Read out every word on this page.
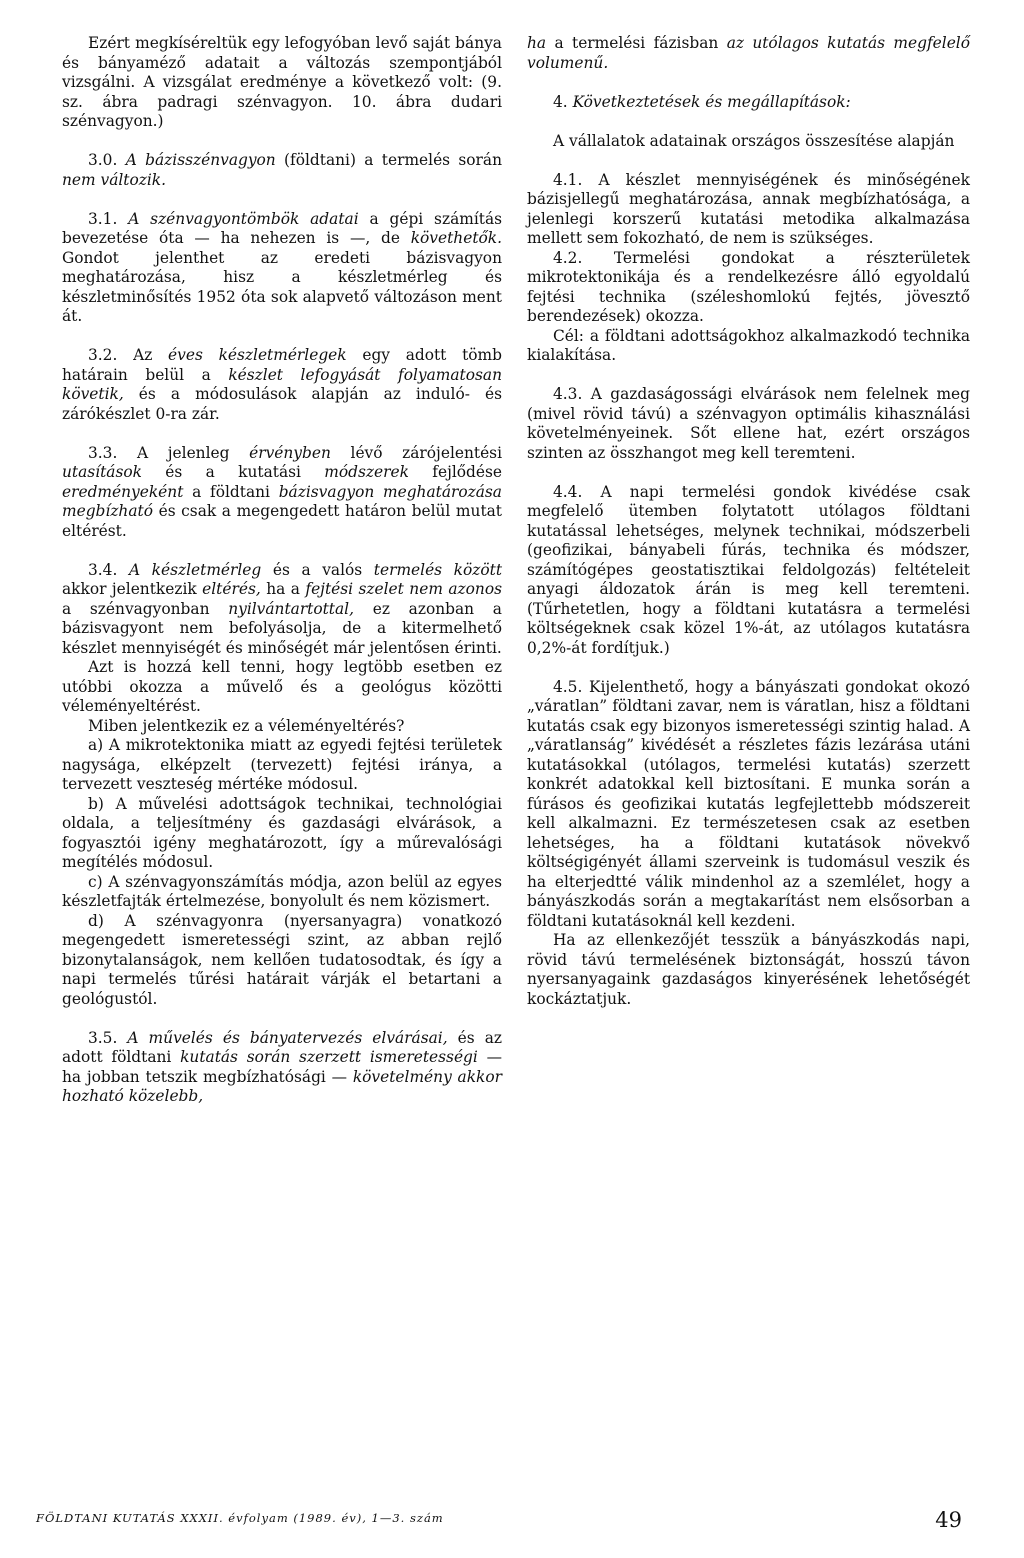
Ezért megkíséreltük egy lefogyóban levő saját bánya és bányaméző adatait a változás szempontjából vizsgálni. A vizsgálat eredménye a következő volt: (9. sz. ábra padragi szénvagyon. 10. ábra dudari szénvagyon.)

3.0. A bázisszénvagyon (földtani) a termelés során nem változik.

3.1. A szénvagyontömbök adatai a gépi számítás bevezetése óta — ha nehezen is —, de követhetők. Gondot jelenthet az eredeti bázisvagyon meghatározása, hisz a készletmérleg és készletminősítés 1952 óta sok alapvető változáson ment át.

3.2. Az éves készletmérlegek egy adott tömb határain belül a készlet lefogyását folyamatosan követik, és a módosulások alapján az induló- és zárókészlet 0-ra zár.

3.3. A jelenleg érvényben lévő zárójelentési utasítások és a kutatási módszerek fejlődése eredményeként a földtani bázisvagyon meghatározása megbízható és csak a megengedett határon belül mutat eltérést.

3.4. A készletmérleg és a valós termelés között akkor jelentkezik eltérés, ha a fejtési szelet nem azonos a szénvagyonban nyilvántartottal, ez azonban a bázisvagyont nem befolyásolja, de a kitermelhető készlet mennyiségét és minőségét már jelentősen érinti.

Azt is hozzá kell tenni, hogy legtöbb esetben ez utóbbi okozza a művelő és a geológus közötti véleményeltérést.

Miben jelentkezik ez a véleményeltérés?

a) A mikrotektonika miatt az egyedi fejtési területek nagysága, elképzelt (tervezett) fejtési iránya, a tervezett veszteség mértéke módosul.

b) A művelési adottságok technikai, technológiai oldala, a teljesítmény és gazdasági elvárások, a fogyasztói igény meghatározott, így a műrevalósági megítélés módosul.

c) A szénvagyonszámítás módja, azon belül az egyes készletfajták értelmezése, bonyolult és nem közismert.

d) A szénvagyonra (nyersanyagra) vonatkozó megengedett ismeretességi szint, az abban rejlő bizonytalanságok, nem kellően tudatosodtak, és így a napi termelés tűrési határait várják el betartani a geológustól.

3.5. A művelés és bányatervezés elvárásai, és az adott földtani kutatás során szerzett ismeretességi — ha jobban tetszik megbízhatósági — követelmény akkor hozható közelebb,

ha a termelési fázisban az utólagos kutatás megfelelő volumenű.

4. Következtetések és megállapítások:

A vállalatok adatainak országos összesítése alapján

4.1. A készlet mennyiségének és minőségének bázisjellegű meghatározása, annak megbízhatósága, a jelenlegi korszerű kutatási metodika alkalmazása mellett sem fokozható, de nem is szükséges.

4.2. Termelési gondokat a részterületek mikrotektonikája és a rendelkezésre álló egyoldalú fejtési technika (széleshomlokú fejtés, jövesztő berendezések) okozza.

Cél: a földtani adottságokhoz alkalmazkodó technika kialakítása.

4.3. A gazdaságossági elvárások nem felelnek meg (mivel rövid távú) a szénvagyon optimális kihasználási követelményeinek. Sőt ellene hat, ezért országos szinten az összhangot meg kell teremteni.

4.4. A napi termelési gondok kivédése csak megfelelő ütemben folytatott utólagos földtani kutatással lehetséges, melynek technikai, módszerbeli (geofizikai, bányabeli fúrás, technika és módszer, számítógépes geostatisztikai feldolgozás) feltételeit anyagi áldozatok árán is meg kell teremteni. (Tűrhetetlen, hogy a földtani kutatásra a termelési költségeknek csak közel 1%-át, az utólagos kutatásra 0,2%-át fordítjuk.)

4.5. Kijelenthető, hogy a bányászati gondokat okozó „váratlan” földtani zavar, nem is váratlan, hisz a földtani kutatás csak egy bizonyos ismeretességi szintig halad. A „váratlanság” kivédését a részletes fázis lezárása utáni kutatásokkal (utólagos, termelési kutatás) szerzett konkrét adatokkal kell biztosítani. E munka során a fúrásos és geofizikai kutatás legfejlettebb módszereit kell alkalmazni. Ez természetesen csak az esetben lehetséges, ha a földtani kutatások növekvő költségigényét állami szerveink is tudomásul veszik és ha elterjedtté válik mindenhol az a szemlélet, hogy a bányászkodás során a megtakarítást nem elsősorban a földtani kutatásoknál kell kezdeni.

Ha az ellenkezőjét tesszük a bányászkodás napi, rövid távú termelésének biztonságát, hosszú távon nyersanyagaink gazdaságos kinyerésének lehetőségét kockáztatjuk.

FÖLDTANI KUTATÁS XXXII. évfolyam (1989. év), 1—3. szám	49
